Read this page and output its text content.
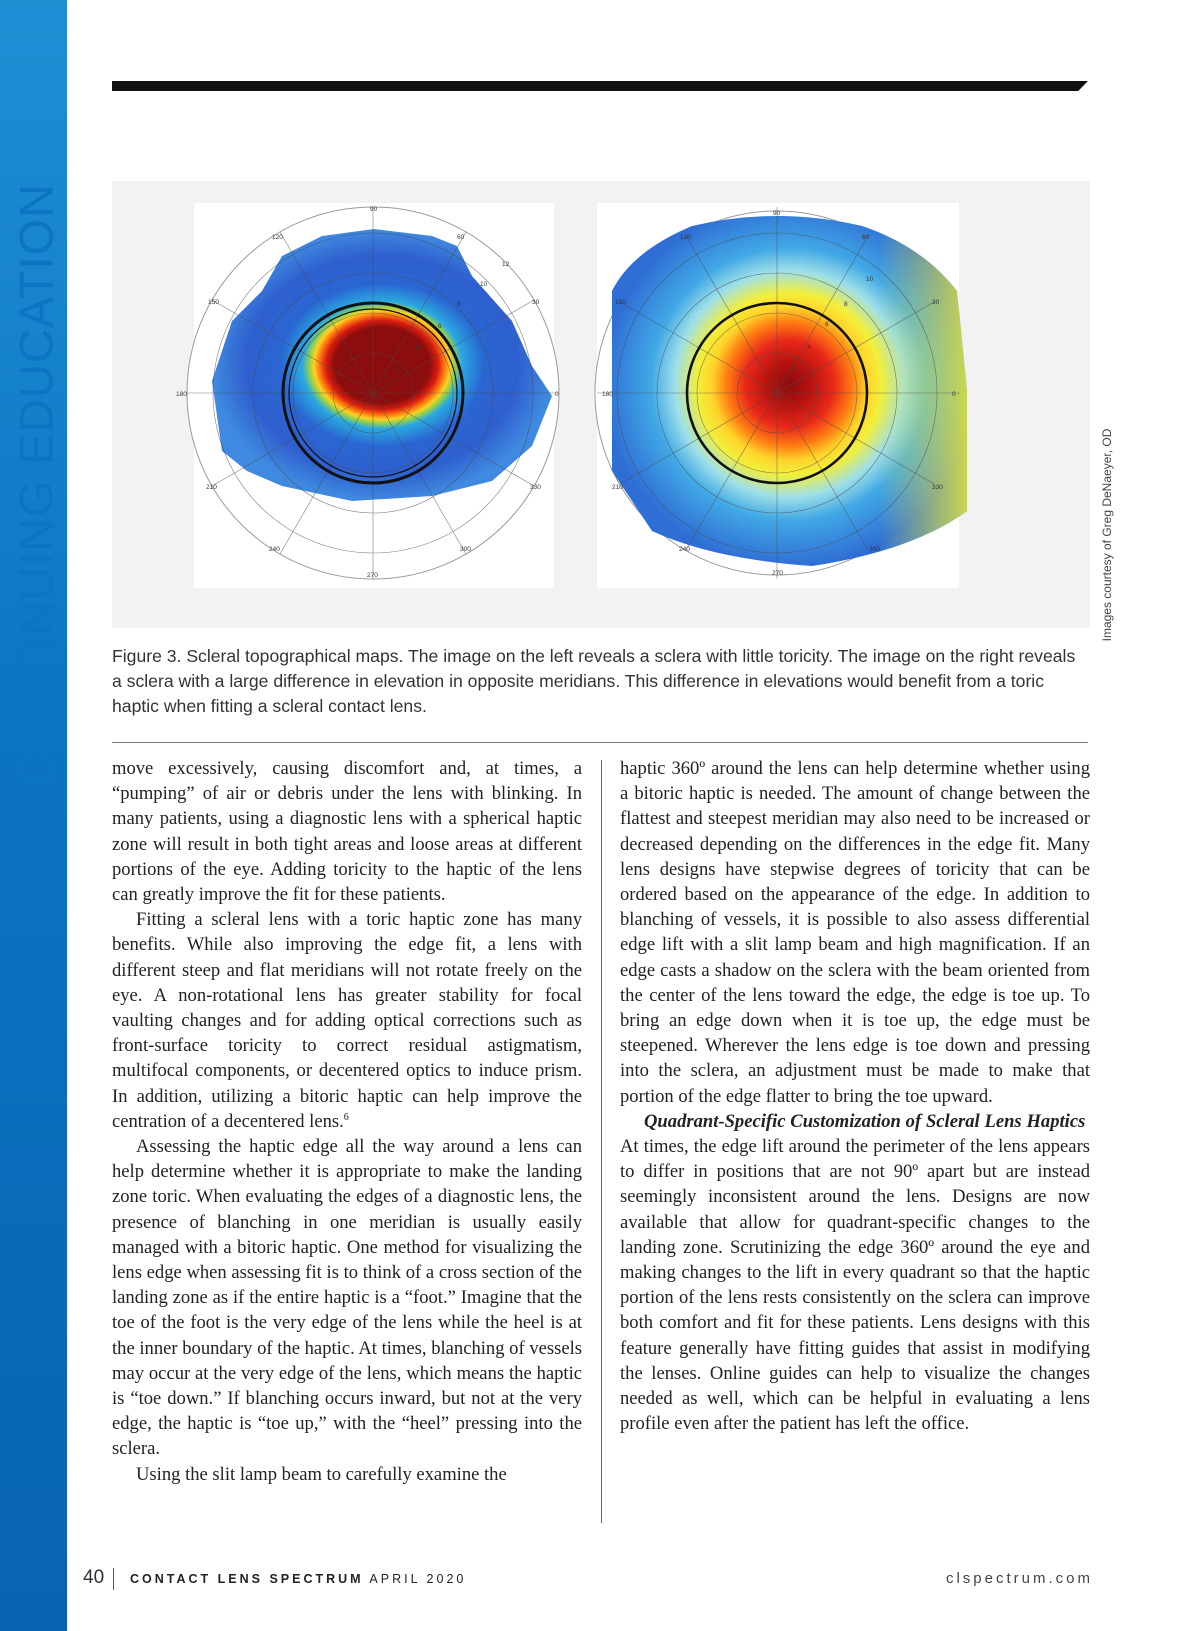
CONTINUING EDUCATION	90
60
120
150	30
180	0
210	330
240	300
270
12
10
8
6
4
2
90
60
120
150	30
180	0
210	330
240	300
270
10
8
6
4
2
Images courtesy of Greg DeNaeyer, OD
Figure 3. Scleral topographical maps. The image on the left reveals a sclera with little toricity. The image on the right reveals a sclera with a large difference in elevation in opposite meridians. This difference in elevations would benefit from a toric haptic when fitting a scleral contact lens.

move excessively, causing discomfort and, at times, a “pumping” of air or debris under the lens with blinking. In many patients, using a diagnostic lens with a spherical haptic zone will result in both tight areas and loose areas at different portions of the eye. Adding toricity to the haptic of the lens can greatly improve the fit for these patients.

Fitting a scleral lens with a toric haptic zone has many benefits. While also improving the edge fit, a lens with different steep and flat meridians will not rotate freely on the eye. A non-rotational lens has greater stability for focal vaulting changes and for adding optical corrections such as front-surface toricity to correct residual astigmatism, multifocal components, or decentered optics to induce prism. In addition, utilizing a bitoric haptic can help improve the centration of a decentered lens.$^6$

Assessing the haptic edge all the way around a lens can help determine whether it is appropriate to make the landing zone toric. When evaluating the edges of a diagnostic lens, the presence of blanching in one meridian is usually easily managed with a bitoric haptic. One method for visualizing the lens edge when assessing fit is to think of a cross section of the landing zone as if the entire haptic is a “foot.” Imagine that the toe of the foot is the very edge of the lens while the heel is at the inner boundary of the haptic. At times, blanching of vessels may occur at the very edge of the lens, which means the haptic is “toe down.” If blanching occurs inward, but not at the very edge, the haptic is “toe up,” with the “heel” pressing into the sclera.

Using the slit lamp beam to carefully examine the

haptic 360º around the lens can help determine whether using a bitoric haptic is needed. The amount of change between the flattest and steepest meridian may also need to be increased or decreased depending on the differences in the edge fit. Many lens designs have stepwise degrees of toricity that can be ordered based on the appearance of the edge. In addition to blanching of vessels, it is possible to also assess differential edge lift with a slit lamp beam and high magnification. If an edge casts a shadow on the sclera with the beam oriented from the center of the lens toward the edge, the edge is toe up. To bring an edge down when it is toe up, the edge must be steepened. Wherever the lens edge is toe down and pressing into the sclera, an adjustment must be made to make that portion of the edge flatter to bring the toe upward.

Quadrant-Specific Customization of Scleral Lens Haptics  At times, the edge lift around the perimeter of the lens appears to differ in positions that are not 90º apart but are instead seemingly inconsistent around the lens. Designs are now available that allow for quadrant-specific changes to the landing zone. Scrutinizing the edge 360º around the eye and making changes to the lift in every quadrant so that the haptic portion of the lens rests consistently on the sclera can improve both comfort and fit for these patients. Lens designs with this feature generally have fitting guides that assist in modifying the lenses. Online guides can help to visualize the changes needed as well, which can be helpful in evaluating a lens profile even after the patient has left the office.

40 CONTACT LENS SPECTRUM APRIL 2020	clspectrum.com
